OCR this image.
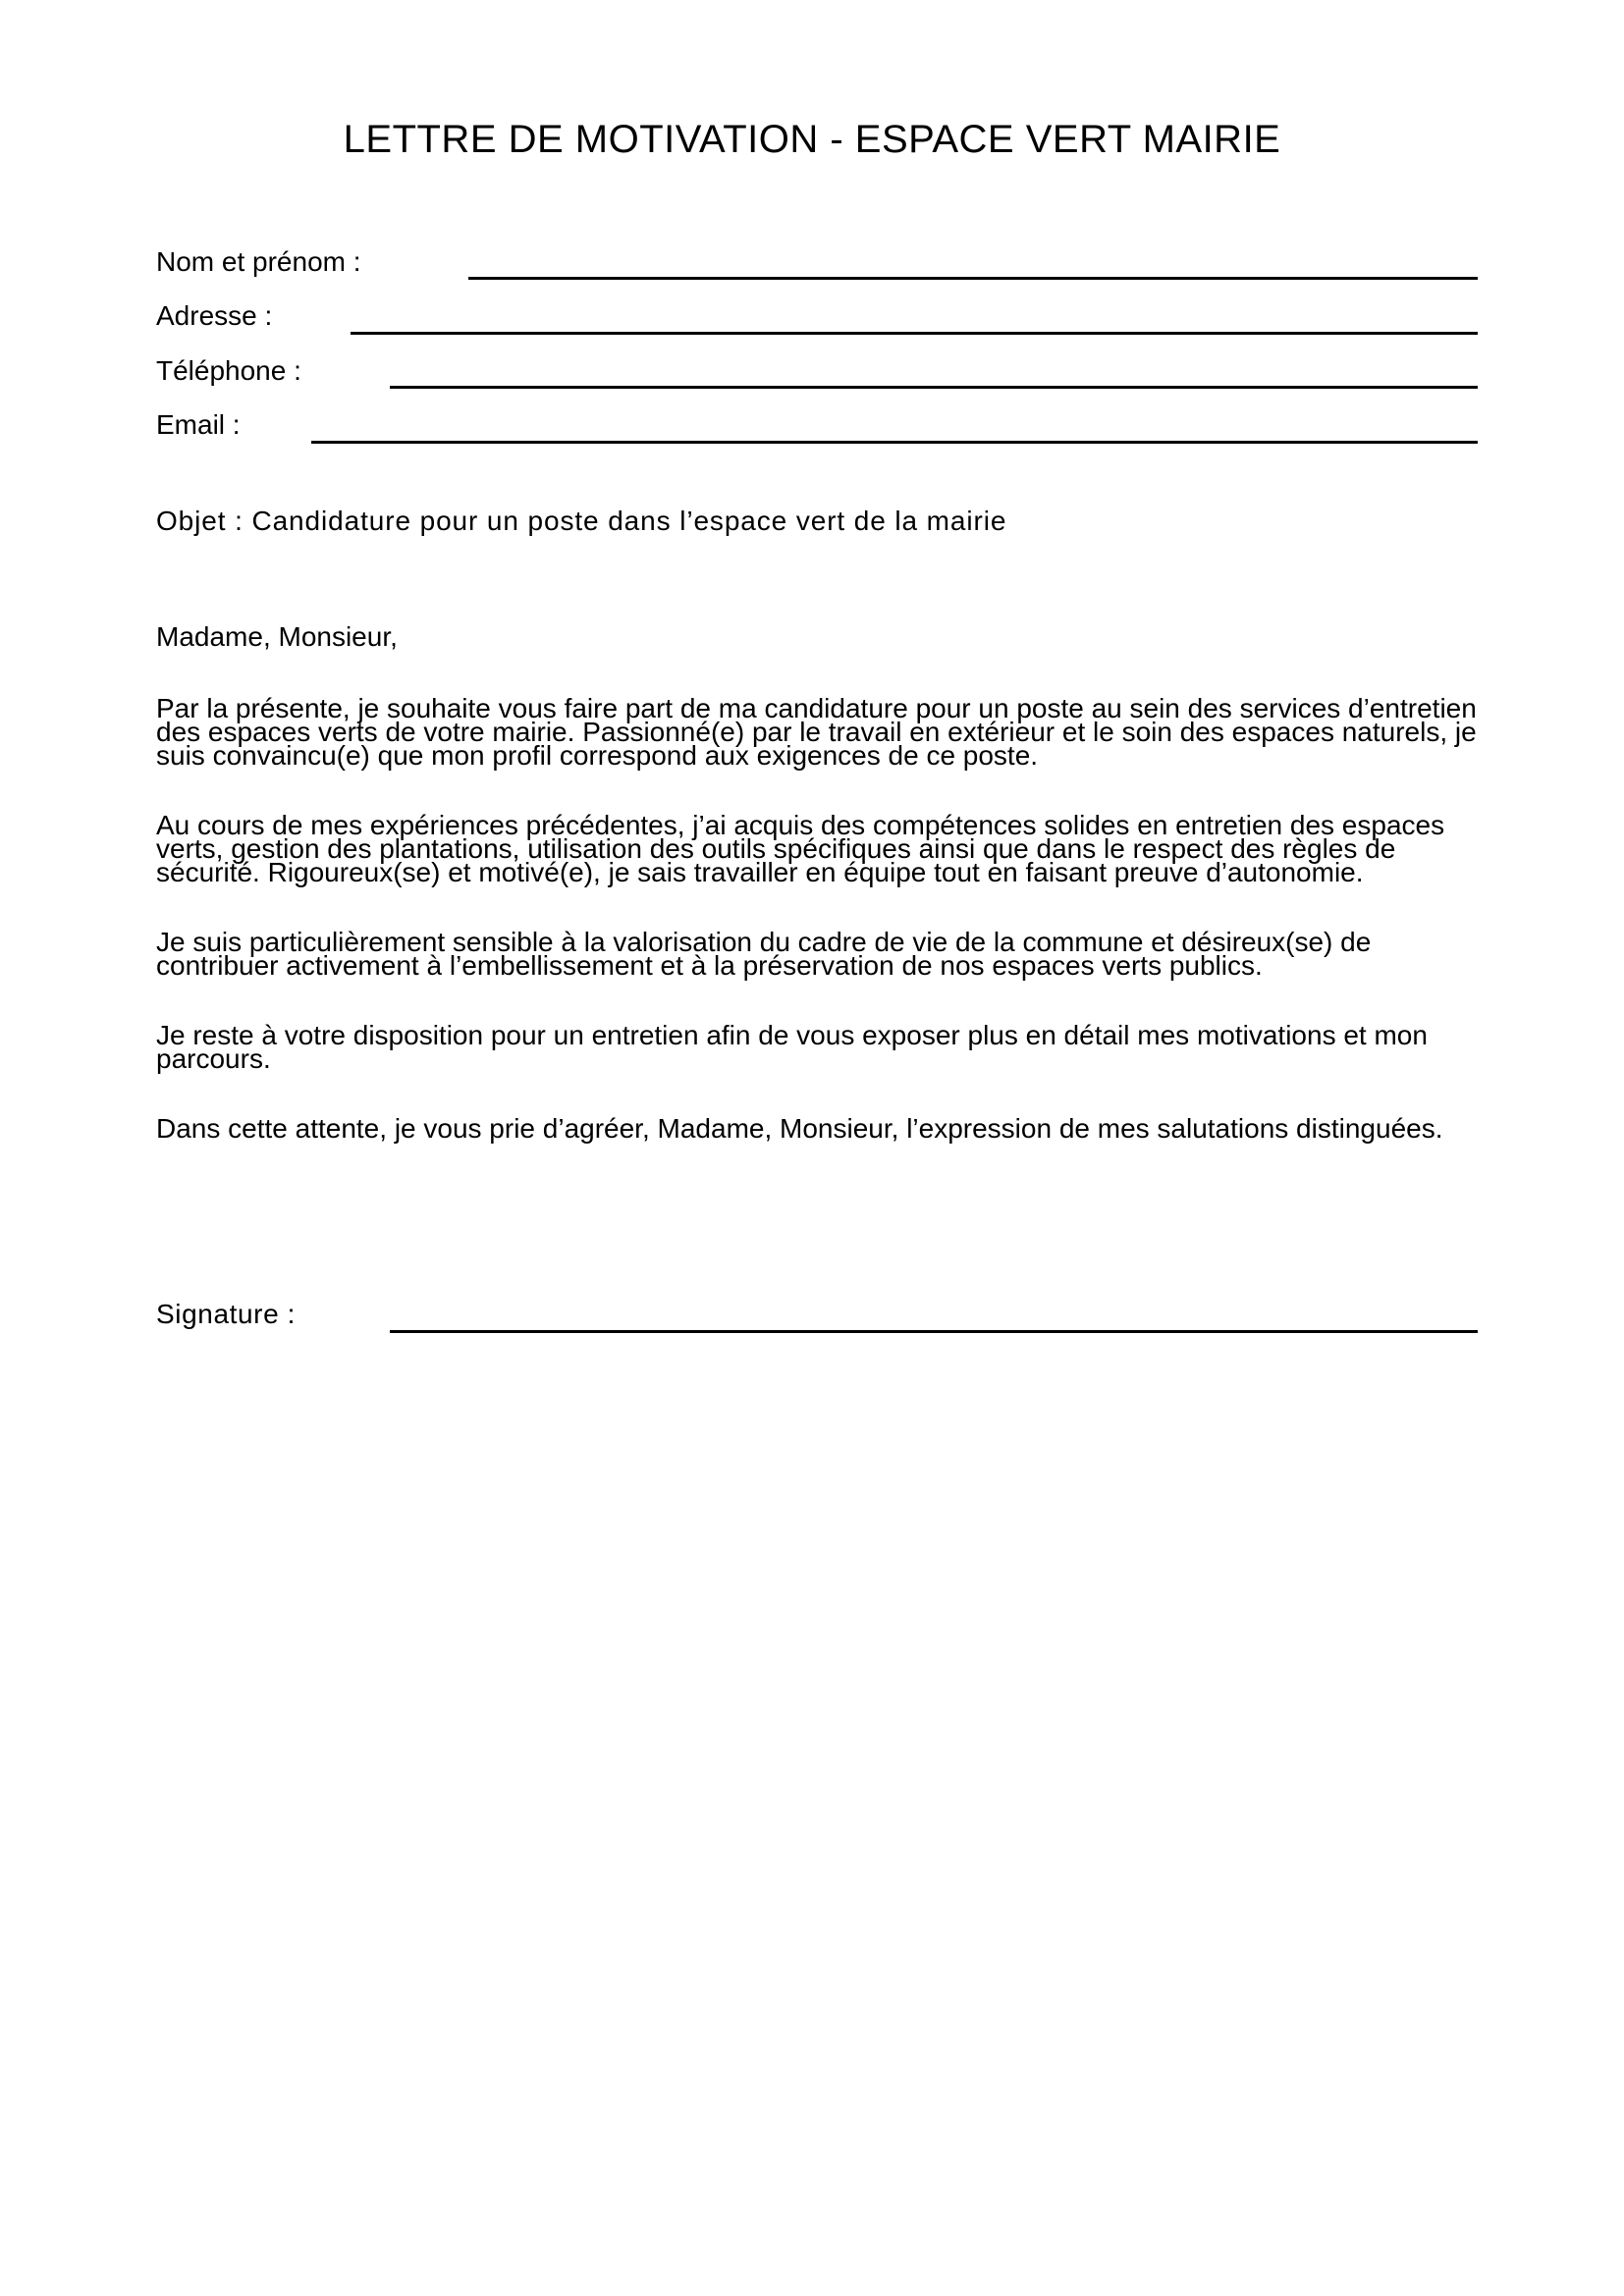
LETTRE DE MOTIVATION - ESPACE VERT MAIRIE
Nom et prénom :
Adresse :
Téléphone :
Email :
Objet : Candidature pour un poste dans l’espace vert de la mairie
Madame, Monsieur,
Par la présente, je souhaite vous faire part de ma candidature pour un poste au sein des services d’entretien des espaces verts de votre mairie. Passionné(e) par le travail en extérieur et le soin des espaces naturels, je suis convaincu(e) que mon profil correspond aux exigences de ce poste.
Au cours de mes expériences précédentes, j’ai acquis des compétences solides en entretien des espaces verts, gestion des plantations, utilisation des outils spécifiques ainsi que dans le respect des règles de sécurité. Rigoureux(se) et motivé(e), je sais travailler en équipe tout en faisant preuve d’autonomie.
Je suis particulièrement sensible à la valorisation du cadre de vie de la commune et désireux(se) de contribuer activement à l’embellissement et à la préservation de nos espaces verts publics.
Je reste à votre disposition pour un entretien afin de vous exposer plus en détail mes motivations et mon parcours.
Dans cette attente, je vous prie d’agréer, Madame, Monsieur, l’expression de mes salutations distinguées.
Signature :
